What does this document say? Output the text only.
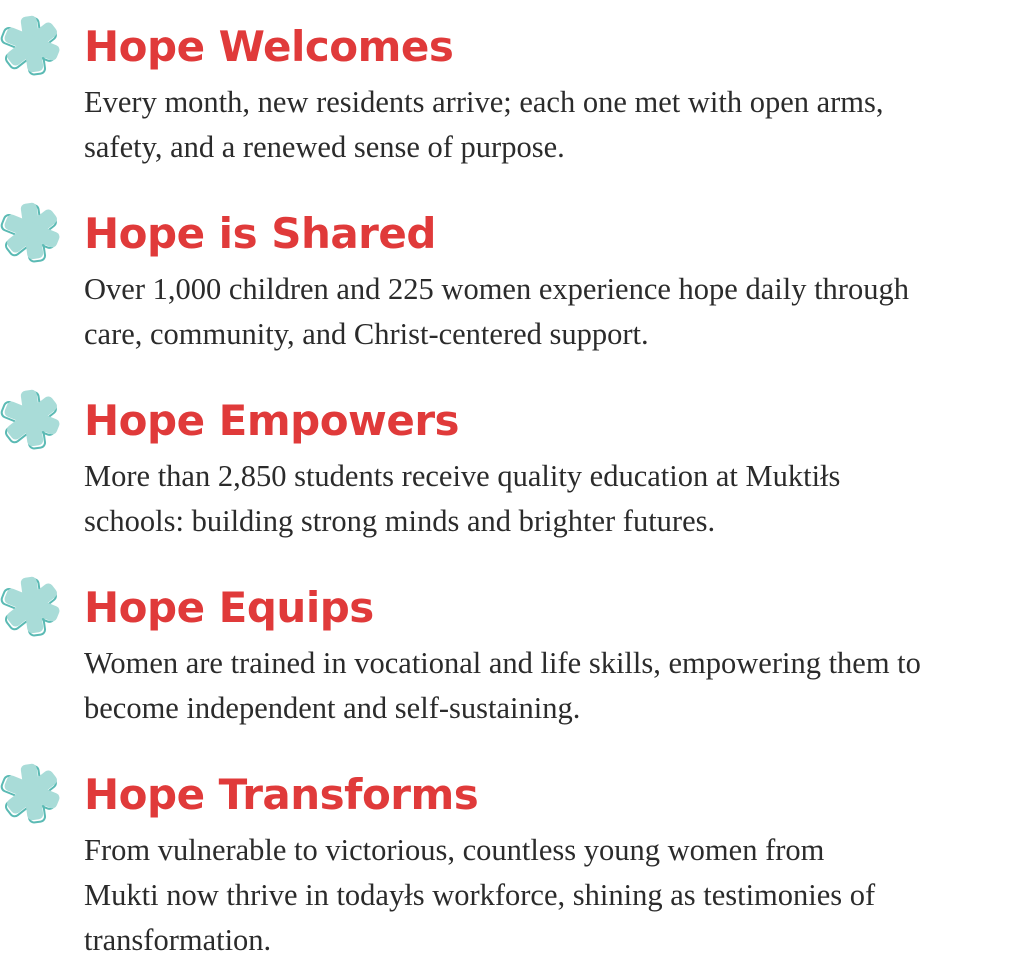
Hope Welcomes

Every month, new residents arrive; each one met with open arms,
safety, and a renewed sense of purpose.

Hope is Shared

Over 1,000 children and 225 women experience hope daily through
care, community, and Christ-centered support.

Hope Empowers

More than 2,850 students receive quality education at Muktiłs
schools: building strong minds and brighter futures.

Hope Equips

Women are trained in vocational and life skills, empowering them to
become independent and self-sustaining.

Hope Transforms

From vulnerable to victorious, countless young women from
Mukti now thrive in todayłs workforce, shining as testimonies of
transformation.
